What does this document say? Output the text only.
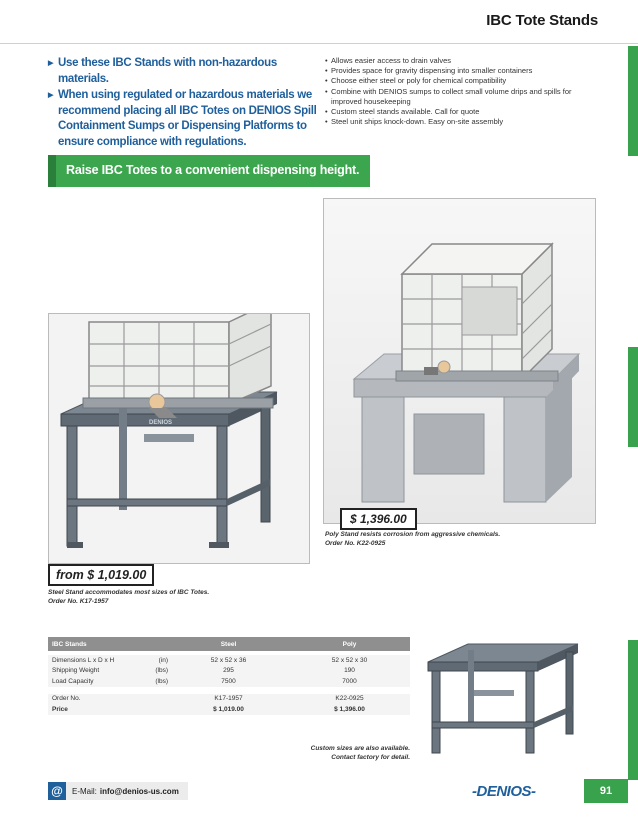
IBC Tote Stands
▶ Use these IBC Stands with non-hazardous materials.
▶ When using regulated or hazardous materials we recommend placing all IBC Totes on DENIOS Spill Containment Sumps or Dispensing Platforms to ensure compliance with regulations.
• Allows easier access to drain valves
• Provides space for gravity dispensing into smaller containers
• Choose either steel or poly for chemical compatibility
• Combine with DENIOS sumps to collect small volume drips and spills for improved housekeeping
• Custom steel stands available. Call for quote
• Steel unit ships knock-down. Easy on-site assembly
Raise IBC Totes to a convenient dispensing height.
$ 1,396.00
Poly Stand resists corrosion from aggressive chemicals.
Order No. K22-0925
DENIOS
from $ 1,019.00
Steel Stand accommodates most sizes of IBC Totes.
Order No. K17-1957
IBC Stands	Steel	Poly
Dimensions L x D x H	(in)	52 x 52 x 36	52 x 52 x 30
Shipping Weight	(lbs)	295	190
Load Capacity	(lbs)	7500	7000
Order No.	K17-1957	K22-0925
Price	$ 1,019.00	$ 1,396.00
Custom sizes are also available.
Contact factory for detail.
@	E-Mail: info@denios-us.com	-DENIOS-	91
